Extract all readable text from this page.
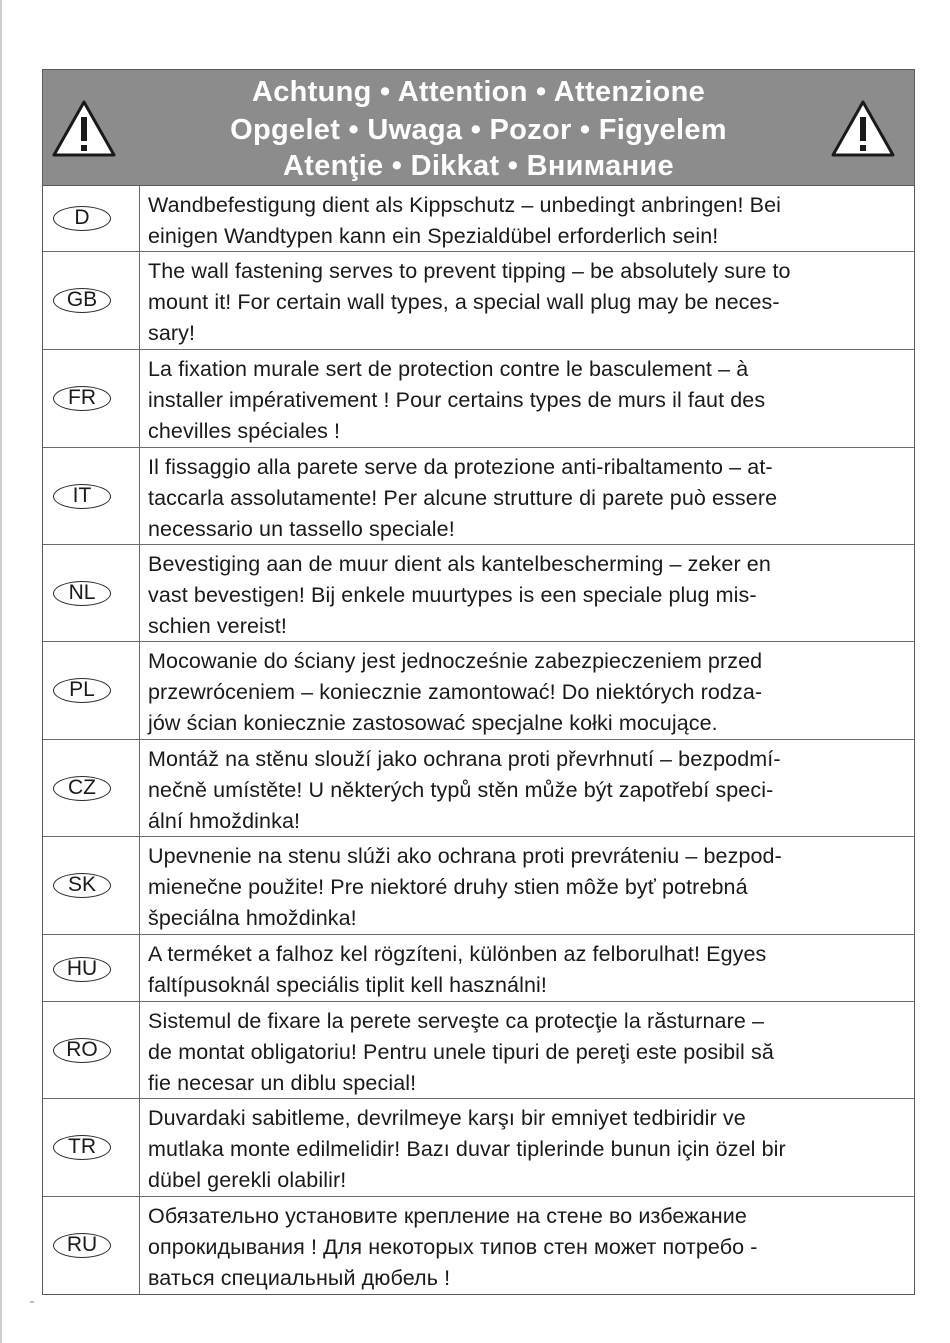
Achtung • Attention • Attenzione
Opgelet • Uwaga • Pozor • Figyelem
Atenţie • Dikkat • Внимание
D
Wandbefestigung dient als Kippschutz – unbedingt anbringen! Bei
einigen Wandtypen kann ein Spezialdübel erforderlich sein!
GB
The wall fastening serves to prevent tipping – be absolutely sure to
mount it! For certain wall types, a special wall plug may be neces-
sary!
FR
La fixation murale sert de protection contre le basculement – à
installer impérativement ! Pour certains types de murs il faut des
chevilles spéciales !
IT
Il fissaggio alla parete serve da protezione anti-ribaltamento – at-
taccarla assolutamente! Per alcune strutture di parete può essere
necessario un tassello speciale!
NL
Bevestiging aan de muur dient als kantelbescherming – zeker en
vast bevestigen! Bij enkele muurtypes is een speciale plug mis-
schien vereist!
PL
Mocowanie do ściany jest jednocześnie zabezpieczeniem przed
przewróceniem – koniecznie zamontować! Do niektórych rodza-
jów ścian koniecznie zastosować specjalne kołki mocujące.
CZ
Montáž na stěnu slouží jako ochrana proti převrhnutí – bezpodmí-
nečně umístěte! U některých typů stěn může být zapotřebí speci-
ální hmoždinka!
SK
Upevnenie na stenu slúži ako ochrana proti prevráteniu – bezpod-
mienečne použite! Pre niektoré druhy stien môže byť potrebná
špeciálna hmoždinka!
HU
A terméket a falhoz kel rögzíteni, különben az felborulhat! Egyes
faltípusoknál speciális tiplit kell használni!
RO
Sistemul de fixare la perete serveşte ca protecţie la răsturnare –
de montat obligatoriu! Pentru unele tipuri de pereţi este posibil să
fie necesar un diblu special!
TR
Duvardaki sabitleme, devrilmeye karşı bir emniyet tedbiridir ve
mutlaka monte edilmelidir! Bazı duvar tiplerinde bunun için özel bir
dübel gerekli olabilir!
RU
Обязательно установите крепление на стене во избежание
опрокидывания ! Для некоторых типов стен может потребо -
ваться специальный дюбель !
